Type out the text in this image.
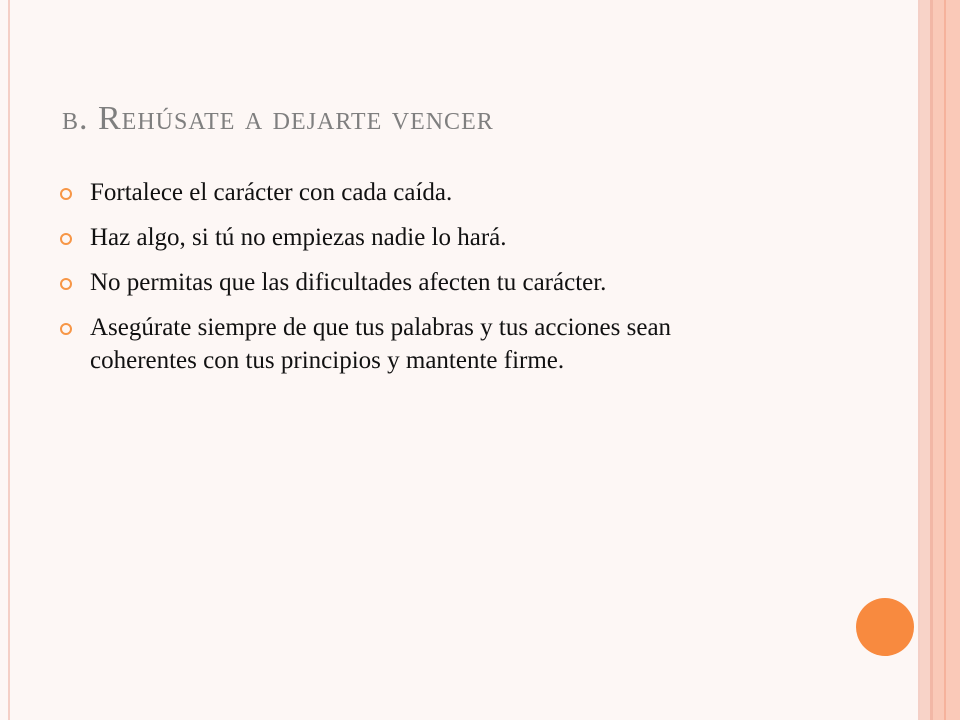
b. Rehúsate a dejarte vencer
Fortalece el carácter con cada caída.
Haz algo, si tú no empiezas nadie lo hará.
No permitas que las dificultades afecten tu carácter.
Asegúrate siempre de que tus palabras y tus acciones sean coherentes con tus principios y mantente firme.
